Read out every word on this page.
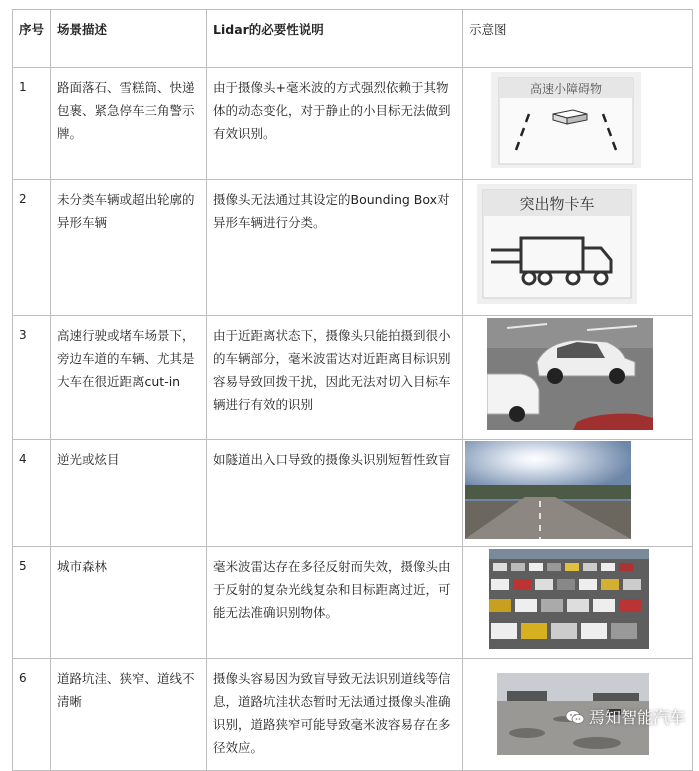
序号	场景描述	Lidar的必要性说明	示意图
1	路面落石、雪糕筒、快递包裹、紧急停车三角警示牌。	由于摄像头+毫米波的方式强烈依赖于其物体的动态变化，对于静止的小目标无法做到有效识别。	高速小障碍物

2	未分类车辆或超出轮廓的异形车辆	摄像头无法通过其设定的Bounding Box对异形车辆进行分类。	突出物卡车

3	高速行驶或堵车场景下，旁边车道的车辆、尤其是大车在很近距离cut-in	由于近距离状态下，摄像头只能拍摄到很小的车辆部分，毫米波雷达对近距离目标识别容易导致回拨干扰，因此无法对切入目标车辆进行有效的识别	
4	逆光或炫目	如隧道出入口导致的摄像头识别短暂性致盲	
5	城市森林	毫米波雷达存在多径反射而失效，摄像头由于反射的复杂光线复杂和目标距离过近，可能无法准确识别物体。	
6	道路坑洼、狭窄、道线不清晰	摄像头容易因为致盲导致无法识别道线等信息，道路坑洼状态暂时无法通过摄像头准确识别，道路狭窄可能导致毫米波容易存在多径效应。		焉知智能汽车
